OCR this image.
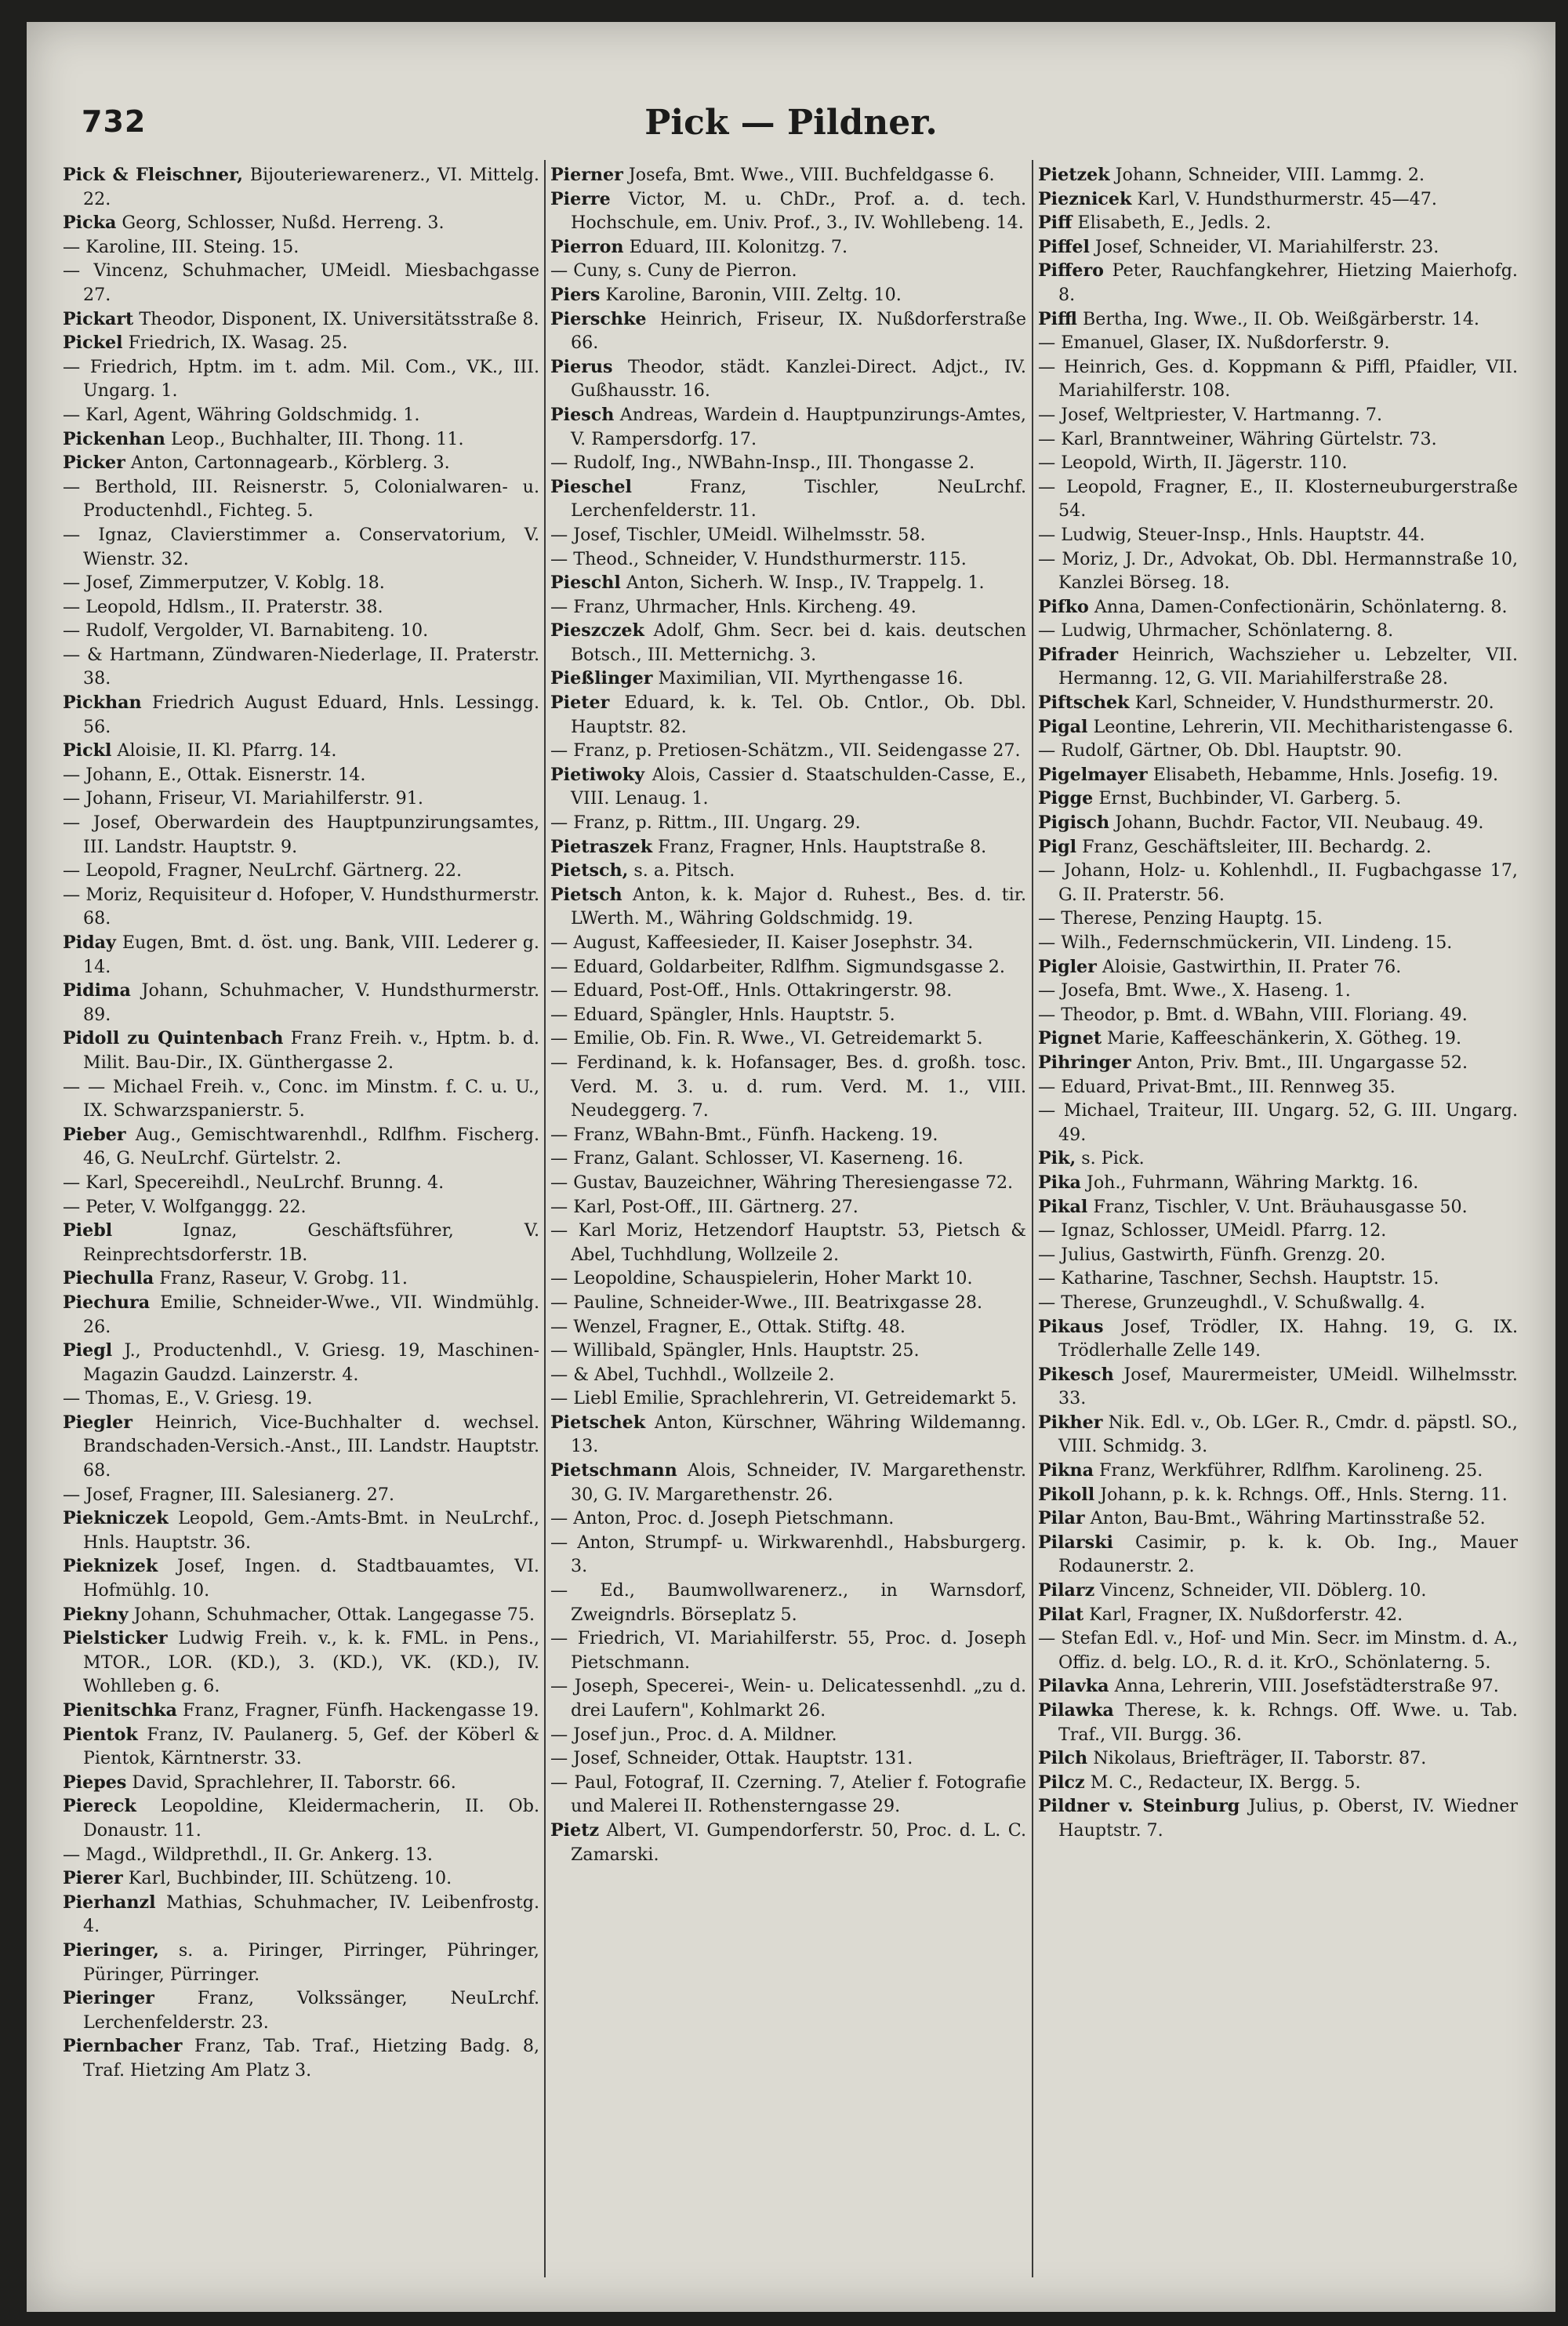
732	Pick — Pildner.

Pick & Fleischner, Bijouteriewarenerz., VI. Mittelg. 22.

Picka Georg, Schlosser, Nußd. Herreng. 3.

— Karoline, III. Steing. 15.

— Vincenz, Schuhmacher, UMeidl. Miesbachgasse 27.

Pickart Theodor, Disponent, IX. Universitätsstraße 8.

Pickel Friedrich, IX. Wasag. 25.

— Friedrich, Hptm. im t. adm. Mil. Com., VK., III. Ungarg. 1.

— Karl, Agent, Währing Goldschmidg. 1.

Pickenhan Leop., Buchhalter, III. Thong. 11.

Picker Anton, Cartonnagearb., Körblerg. 3.

— Berthold, III. Reisnerstr. 5, Colonialwaren- u. Productenhdl., Fichteg. 5.

— Ignaz, Clavierstimmer a. Conservatorium, V. Wienstr. 32.

— Josef, Zimmerputzer, V. Koblg. 18.

— Leopold, Hdlsm., II. Praterstr. 38.

— Rudolf, Vergolder, VI. Barnabiteng. 10.

— & Hartmann, Zündwaren-Niederlage, II. Praterstr. 38.

Pickhan Friedrich August Eduard, Hnls. Lessingg. 56.

Pickl Aloisie, II. Kl. Pfarrg. 14.

— Johann, E., Ottak. Eisnerstr. 14.

— Johann, Friseur, VI. Mariahilferstr. 91.

— Josef, Oberwardein des Hauptpunzirungsamtes, III. Landstr. Hauptstr. 9.

— Leopold, Fragner, NeuLrchf. Gärtnerg. 22.

— Moriz, Requisiteur d. Hofoper, V. Hundsthurmerstr. 68.

Piday Eugen, Bmt. d. öst. ung. Bank, VIII. Lederer g. 14.

Pidima Johann, Schuhmacher, V. Hundsthurmerstr. 89.

Pidoll zu Quintenbach Franz Freih. v., Hptm. b. d. Milit. Bau-Dir., IX. Günthergasse 2.

— — Michael Freih. v., Conc. im Minstm. f. C. u. U., IX. Schwarzspanierstr. 5.

Pieber Aug., Gemischtwarenhdl., Rdlfhm. Fischerg. 46, G. NeuLrchf. Gürtelstr. 2.

— Karl, Specereihdl., NeuLrchf. Brunng. 4.

— Peter, V. Wolfganggg. 22.

Piebl Ignaz, Geschäftsführer, V. Reinprechtsdorferstr. 1B.

Piechulla Franz, Raseur, V. Grobg. 11.

Piechura Emilie, Schneider-Wwe., VII. Windmühlg. 26.

Piegl J., Productenhdl., V. Griesg. 19, Maschinen-Magazin Gaudzd. Lainzerstr. 4.

— Thomas, E., V. Griesg. 19.

Piegler Heinrich, Vice-Buchhalter d. wechsel. Brandschaden-Versich.-Anst., III. Landstr. Hauptstr. 68.

— Josef, Fragner, III. Salesianerg. 27.

Piekniczek Leopold, Gem.-Amts-Bmt. in NeuLrchf., Hnls. Hauptstr. 36.

Pieknizek Josef, Ingen. d. Stadtbauamtes, VI. Hofmühlg. 10.

Piekny Johann, Schuhmacher, Ottak. Langegasse 75.

Pielsticker Ludwig Freih. v., k. k. FML. in Pens., MTOR., LOR. (KD.), 3. (KD.), VK. (KD.), IV. Wohlleben g. 6.

Pienitschka Franz, Fragner, Fünfh. Hackengasse 19.

Pientok Franz, IV. Paulanerg. 5, Gef. der Köberl & Pientok, Kärntnerstr. 33.

Piepes David, Sprachlehrer, II. Taborstr. 66.

Piereck Leopoldine, Kleidermacherin, II. Ob. Donaustr. 11.

— Magd., Wildprethdl., II. Gr. Ankerg. 13.

Pierer Karl, Buchbinder, III. Schützeng. 10.

Pierhanzl Mathias, Schuhmacher, IV. Leibenfrostg. 4.

Pieringer, s. a. Piringer, Pirringer, Pühringer, Püringer, Pürringer.

Pieringer Franz, Volkssänger, NeuLrchf. Lerchenfelderstr. 23.

Piernbacher Franz, Tab. Traf., Hietzing Badg. 8, Traf. Hietzing Am Platz 3.

Pierner Josefa, Bmt. Wwe., VIII. Buchfeldgasse 6.

Pierre Victor, M. u. ChDr., Prof. a. d. tech. Hochschule, em. Univ. Prof., 3., IV. Wohllebeng. 14.

Pierron Eduard, III. Kolonitzg. 7.

— Cuny, s. Cuny de Pierron.

Piers Karoline, Baronin, VIII. Zeltg. 10.

Pierschke Heinrich, Friseur, IX. Nußdorferstraße 66.

Pierus Theodor, städt. Kanzlei-Direct. Adjct., IV. Gußhausstr. 16.

Piesch Andreas, Wardein d. Hauptpunzirungs-Amtes, V. Rampersdorfg. 17.

— Rudolf, Ing., NWBahn-Insp., III. Thongasse 2.

Pieschel Franz, Tischler, NeuLrchf. Lerchenfelderstr. 11.

— Josef, Tischler, UMeidl. Wilhelmsstr. 58.

— Theod., Schneider, V. Hundsthurmerstr. 115.

Pieschl Anton, Sicherh. W. Insp., IV. Trappelg. 1.

— Franz, Uhrmacher, Hnls. Kircheng. 49.

Pieszczek Adolf, Ghm. Secr. bei d. kais. deutschen Botsch., III. Metternichg. 3.

Pießlinger Maximilian, VII. Myrthengasse 16.

Pieter Eduard, k. k. Tel. Ob. Cntlor., Ob. Dbl. Hauptstr. 82.

— Franz, p. Pretiosen-Schätzm., VII. Seidengasse 27.

Pietiwoky Alois, Cassier d. Staatschulden-Casse, E., VIII. Lenaug. 1.

— Franz, p. Rittm., III. Ungarg. 29.

Pietraszek Franz, Fragner, Hnls. Hauptstraße 8.

Pietsch, s. a. Pitsch.

Pietsch Anton, k. k. Major d. Ruhest., Bes. d. tir. LWerth. M., Währing Goldschmidg. 19.

— August, Kaffeesieder, II. Kaiser Josephstr. 34.

— Eduard, Goldarbeiter, Rdlfhm. Sigmundsgasse 2.

— Eduard, Post-Off., Hnls. Ottakringerstr. 98.

— Eduard, Spängler, Hnls. Hauptstr. 5.

— Emilie, Ob. Fin. R. Wwe., VI. Getreidemarkt 5.

— Ferdinand, k. k. Hofansager, Bes. d. großh. tosc. Verd. M. 3. u. d. rum. Verd. M. 1., VIII. Neudeggerg. 7.

— Franz, WBahn-Bmt., Fünfh. Hackeng. 19.

— Franz, Galant. Schlosser, VI. Kaserneng. 16.

— Gustav, Bauzeichner, Währing Theresiengasse 72.

— Karl, Post-Off., III. Gärtnerg. 27.

— Karl Moriz, Hetzendorf Hauptstr. 53, Pietsch & Abel, Tuchhdlung, Wollzeile 2.

— Leopoldine, Schauspielerin, Hoher Markt 10.

— Pauline, Schneider-Wwe., III. Beatrixgasse 28.

— Wenzel, Fragner, E., Ottak. Stiftg. 48.

— Willibald, Spängler, Hnls. Hauptstr. 25.

— & Abel, Tuchhdl., Wollzeile 2.

— Liebl Emilie, Sprachlehrerin, VI. Getreidemarkt 5.

Pietschek Anton, Kürschner, Währing Wildemanng. 13.

Pietschmann Alois, Schneider, IV. Margarethenstr. 30, G. IV. Margarethenstr. 26.

— Anton, Proc. d. Joseph Pietschmann.

— Anton, Strumpf- u. Wirkwarenhdl., Habsburgerg. 3.

— Ed., Baumwollwarenerz., in Warnsdorf, Zweigndrls. Börseplatz 5.

— Friedrich, VI. Mariahilferstr. 55, Proc. d. Joseph Pietschmann.

— Joseph, Specerei-, Wein- u. Delicatessenhdl. „zu d. drei Laufern", Kohlmarkt 26.

— Josef jun., Proc. d. A. Mildner.

— Josef, Schneider, Ottak. Hauptstr. 131.

— Paul, Fotograf, II. Czerning. 7, Atelier f. Fotografie und Malerei II. Rothensterngasse 29.

Pietz Albert, VI. Gumpendorferstr. 50, Proc. d. L. C. Zamarski.

Pietzek Johann, Schneider, VIII. Lammg. 2.

Pieznicek Karl, V. Hundsthurmerstr. 45—47.

Piff Elisabeth, E., Jedls. 2.

Piffel Josef, Schneider, VI. Mariahilferstr. 23.

Piffero Peter, Rauchfangkehrer, Hietzing Maierhofg. 8.

Piffl Bertha, Ing. Wwe., II. Ob. Weißgärberstr. 14.

— Emanuel, Glaser, IX. Nußdorferstr. 9.

— Heinrich, Ges. d. Koppmann & Piffl, Pfaidler, VII. Mariahilferstr. 108.

— Josef, Weltpriester, V. Hartmanng. 7.

— Karl, Branntweiner, Währing Gürtelstr. 73.

— Leopold, Wirth, II. Jägerstr. 110.

— Leopold, Fragner, E., II. Klosterneuburgerstraße 54.

— Ludwig, Steuer-Insp., Hnls. Hauptstr. 44.

— Moriz, J. Dr., Advokat, Ob. Dbl. Hermannstraße 10, Kanzlei Börseg. 18.

Pifko Anna, Damen-Confectionärin, Schönlaterng. 8.

— Ludwig, Uhrmacher, Schönlaterng. 8.

Pifrader Heinrich, Wachszieher u. Lebzelter, VII. Hermanng. 12, G. VII. Mariahilferstraße 28.

Piftschek Karl, Schneider, V. Hundsthurmerstr. 20.

Pigal Leontine, Lehrerin, VII. Mechitharistengasse 6.

— Rudolf, Gärtner, Ob. Dbl. Hauptstr. 90.

Pigelmayer Elisabeth, Hebamme, Hnls. Josefig. 19.

Pigge Ernst, Buchbinder, VI. Garberg. 5.

Pigisch Johann, Buchdr. Factor, VII. Neubaug. 49.

Pigl Franz, Geschäftsleiter, III. Bechardg. 2.

— Johann, Holz- u. Kohlenhdl., II. Fugbachgasse 17, G. II. Praterstr. 56.

— Therese, Penzing Hauptg. 15.

— Wilh., Federnschmückerin, VII. Lindeng. 15.

Pigler Aloisie, Gastwirthin, II. Prater 76.

— Josefa, Bmt. Wwe., X. Haseng. 1.

— Theodor, p. Bmt. d. WBahn, VIII. Floriang. 49.

Pignet Marie, Kaffeeschänkerin, X. Götheg. 19.

Pihringer Anton, Priv. Bmt., III. Ungargasse 52.

— Eduard, Privat-Bmt., III. Rennweg 35.

— Michael, Traiteur, III. Ungarg. 52, G. III. Ungarg. 49.

Pik, s. Pick.

Pika Joh., Fuhrmann, Währing Marktg. 16.

Pikal Franz, Tischler, V. Unt. Bräuhausgasse 50.

— Ignaz, Schlosser, UMeidl. Pfarrg. 12.

— Julius, Gastwirth, Fünfh. Grenzg. 20.

— Katharine, Taschner, Sechsh. Hauptstr. 15.

— Therese, Grunzeughdl., V. Schußwallg. 4.

Pikaus Josef, Trödler, IX. Hahng. 19, G. IX. Trödlerhalle Zelle 149.

Pikesch Josef, Maurermeister, UMeidl. Wilhelmsstr. 33.

Pikher Nik. Edl. v., Ob. LGer. R., Cmdr. d. päpstl. SO., VIII. Schmidg. 3.

Pikna Franz, Werkführer, Rdlfhm. Karolineng. 25.

Pikoll Johann, p. k. k. Rchngs. Off., Hnls. Sterng. 11.

Pilar Anton, Bau-Bmt., Währing Martinsstraße 52.

Pilarski Casimir, p. k. k. Ob. Ing., Mauer Rodaunerstr. 2.

Pilarz Vincenz, Schneider, VII. Döblerg. 10.

Pilat Karl, Fragner, IX. Nußdorferstr. 42.

— Stefan Edl. v., Hof- und Min. Secr. im Minstm. d. A., Offiz. d. belg. LO., R. d. it. KrO., Schönlaterng. 5.

Pilavka Anna, Lehrerin, VIII. Josefstädterstraße 97.

Pilawka Therese, k. k. Rchngs. Off. Wwe. u. Tab. Traf., VII. Burgg. 36.

Pilch Nikolaus, Briefträger, II. Taborstr. 87.

Pilcz M. C., Redacteur, IX. Bergg. 5.

Pildner v. Steinburg Julius, p. Oberst, IV. Wiedner Hauptstr. 7.
